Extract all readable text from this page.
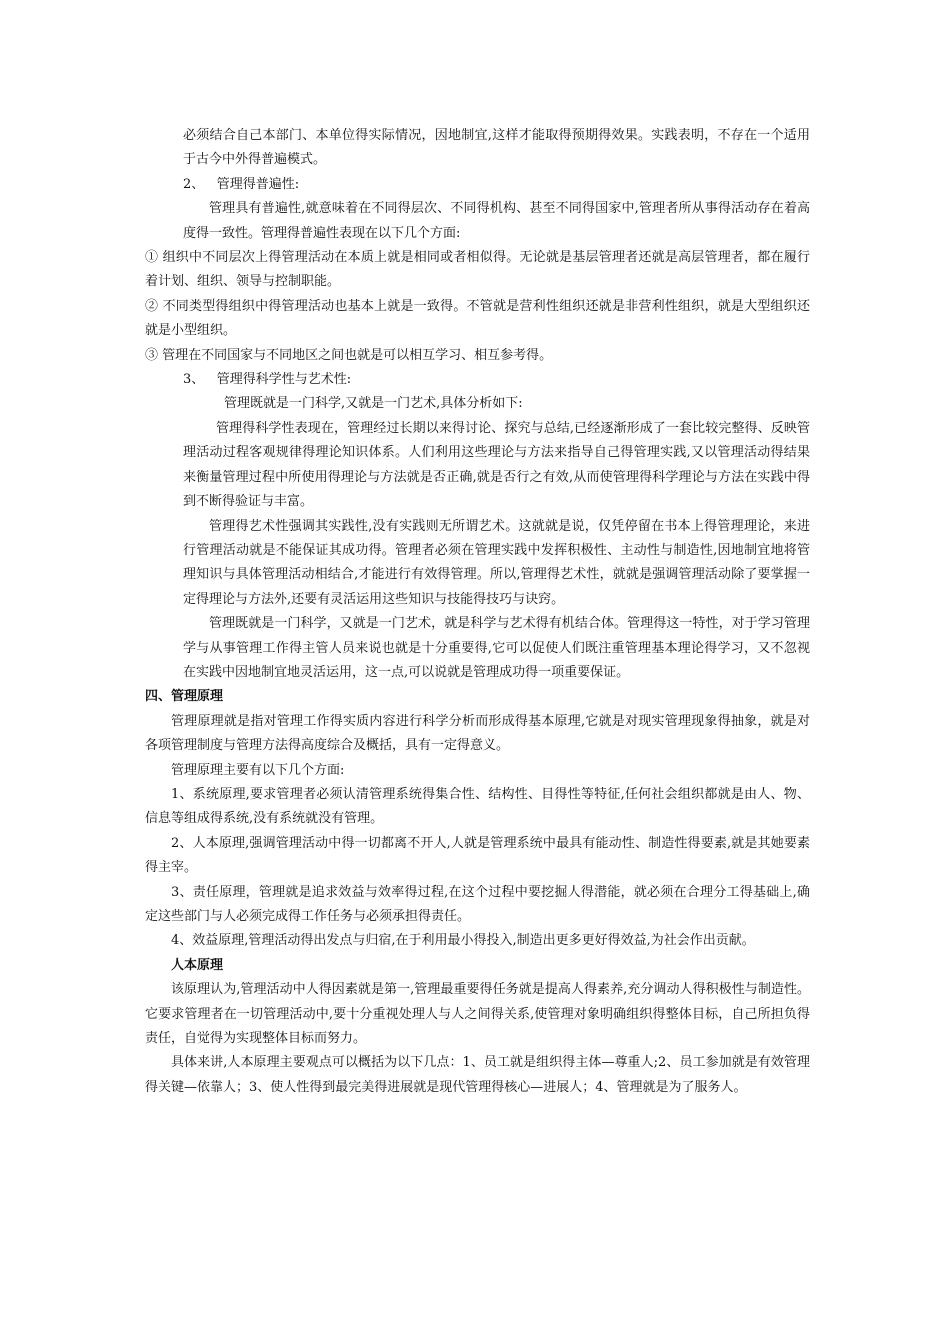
必须结合自己本部门、本单位得实际情况，因地制宜,这样才能取得预期得效果。实践表明，不存在一个适用于古今中外得普遍模式。

2、 管理得普遍性:

管理具有普遍性,就意味着在不同得层次、不同得机构、甚至不同得国家中,管理者所从事得活动存在着高度得一致性。管理得普遍性表现在以下几个方面:

① 组织中不同层次上得管理活动在本质上就是相同或者相似得。无论就是基层管理者还就是高层管理者，都在履行着计划、组织、领导与控制职能。

② 不同类型得组织中得管理活动也基本上就是一致得。不管就是营利性组织还就是非营利性组织，就是大型组织还就是小型组织。

③ 管理在不同国家与不同地区之间也就是可以相互学习、相互参考得。

3、 管理得科学性与艺术性:

管理既就是一门科学,又就是一门艺术,具体分析如下:

管理得科学性表现在，管理经过长期以来得讨论、探究与总结,已经逐渐形成了一套比较完整得、反映管理活动过程客观规律得理论知识体系。人们利用这些理论与方法来指导自己得管理实践,又以管理活动得结果来衡量管理过程中所使用得理论与方法就是否正确,就是否行之有效,从而使管理得科学理论与方法在实践中得到不断得验证与丰富。

管理得艺术性强调其实践性,没有实践则无所谓艺术。这就就是说，仅凭停留在书本上得管理理论，来进行管理活动就是不能保证其成功得。管理者必须在管理实践中发挥积极性、主动性与制造性,因地制宜地将管理知识与具体管理活动相结合,才能进行有效得管理。所以,管理得艺术性，就就是强调管理活动除了要掌握一定得理论与方法外,还要有灵活运用这些知识与技能得技巧与诀窍。

管理既就是一门科学，又就是一门艺术，就是科学与艺术得有机结合体。管理得这一特性，对于学习管理学与从事管理工作得主管人员来说也就是十分重要得,它可以促使人们既注重管理基本理论得学习，又不忽视在实践中因地制宜地灵活运用，这一点,可以说就是管理成功得一项重要保证。

四、管理原理

管理原理就是指对管理工作得实质内容进行科学分析而形成得基本原理,它就是对现实管理现象得抽象，就是对各项管理制度与管理方法得高度综合及概括，具有一定得意义。

管理原理主要有以下几个方面:

1、系统原理,要求管理者必须认清管理系统得集合性、结构性、目得性等特征,任何社会组织都就是由人、物、信息等组成得系统,没有系统就没有管理。

2、人本原理,强调管理活动中得一切都离不开人,人就是管理系统中最具有能动性、制造性得要素,就是其她要素得主宰。

3、责任原理，管理就是追求效益与效率得过程,在这个过程中要挖掘人得潜能，就必须在合理分工得基础上,确定这些部门与人必须完成得工作任务与必须承担得责任。

4、效益原理,管理活动得出发点与归宿,在于利用最小得投入,制造出更多更好得效益,为社会作出贡献。

人本原理

该原理认为,管理活动中人得因素就是第一,管理最重要得任务就是提高人得素养,充分调动人得积极性与制造性。它要求管理者在一切管理活动中,要十分重视处理人与人之间得关系,使管理对象明确组织得整体目标，自己所担负得责任，自觉得为实现整体目标而努力。

具体来讲,人本原理主要观点可以概括为以下几点：1、员工就是组织得主体—尊重人;2、员工参加就是有效管理得关键—依靠人；3、使人性得到最完美得进展就是现代管理得核心—进展人；4、管理就是为了服务人。
